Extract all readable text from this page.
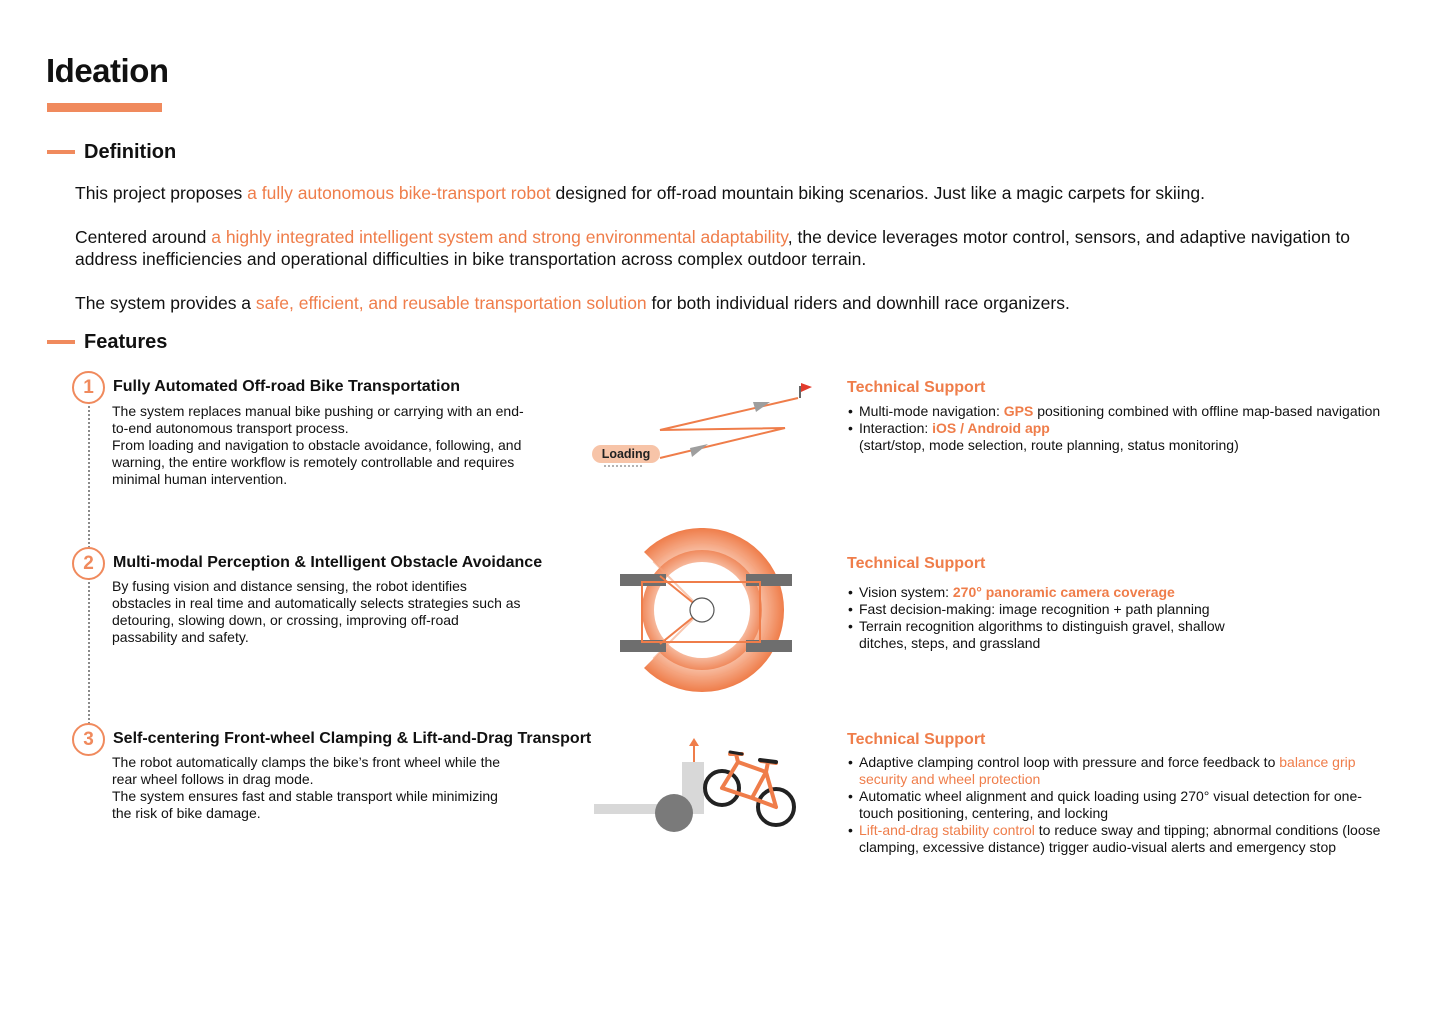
Ideation
Definition

This project proposes a fully autonomous bike-transport robot designed for off-road mountain biking scenarios. Just like a magic carpets for skiing.

Centered around a highly integrated intelligent system and strong environmental adaptability, the device leverages motor control, sensors, and adaptive navigation to address inefficiencies and operational difficulties in bike transportation across complex outdoor terrain.

The system provides a safe, efficient, and reusable transportation solution for both individual riders and downhill race organizers.

Features
1	Fully Automated Off-road Bike Transportation
The system replaces manual bike pushing or carrying with an end-to-end autonomous transport process.
From loading and navigation to obstacle avoidance, following, and warning, the entire workflow is remotely controllable and requires minimal human intervention.
Loading
Technical Support
• Multi-mode navigation: GPS positioning combined with offline map-based navigation
• Interaction: iOS / Android app
(start/stop, mode selection, route planning, status monitoring)
2	Multi-modal Perception & Intelligent Obstacle Avoidance
By fusing vision and distance sensing, the robot identifies obstacles in real time and automatically selects strategies such as detouring, slowing down, or crossing, improving off-road passability and safety.
Technical Support
• Vision system: 270° panoramic camera coverage
• Fast decision-making: image recognition + path planning
• Terrain recognition algorithms to distinguish gravel, shallow ditches, steps, and grassland
3	Self-centering Front-wheel Clamping & Lift-and-Drag Transport
The robot automatically clamps the bike’s front wheel while the rear wheel follows in drag mode.
The system ensures fast and stable transport while minimizing the risk of bike damage.
Technical Support
• Adaptive clamping control loop with pressure and force feedback to balance grip security and wheel protection
• Automatic wheel alignment and quick loading using 270° visual detection for one-touch positioning, centering, and locking
• Lift-and-drag stability control to reduce sway and tipping; abnormal conditions (loose clamping, excessive distance) trigger audio-visual alerts and emergency stop
